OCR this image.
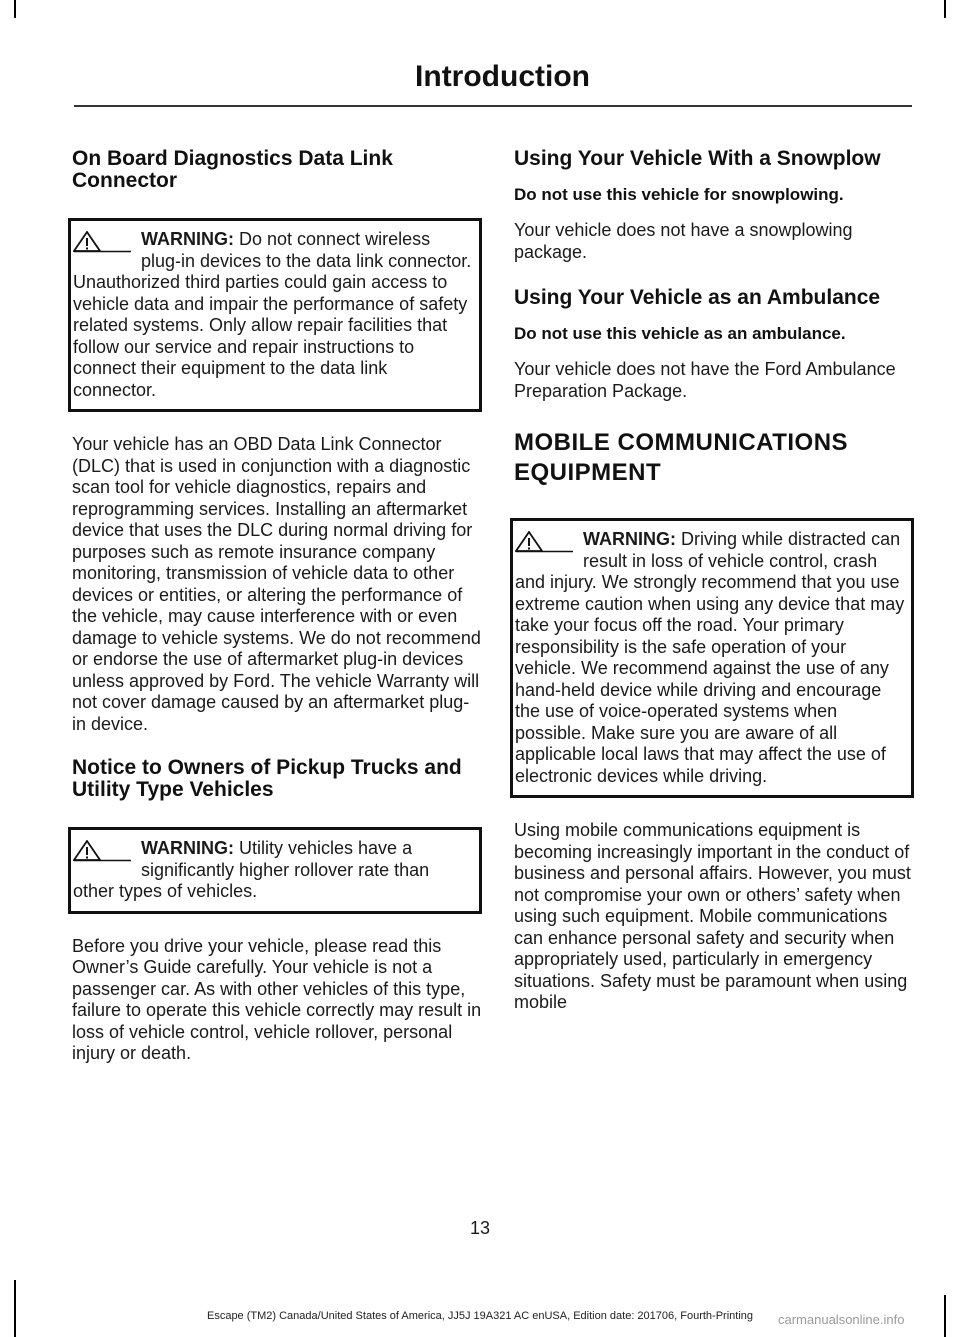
Introduction
On Board Diagnostics Data Link Connector
WARNING: Do not connect wireless plug-in devices to the data link connector. Unauthorized third parties could gain access to vehicle data and impair the performance of safety related systems. Only allow repair facilities that follow our service and repair instructions to connect their equipment to the data link connector.

Your vehicle has an OBD Data Link Connector (DLC) that is used in conjunction with a diagnostic scan tool for vehicle diagnostics, repairs and reprogramming services. Installing an aftermarket device that uses the DLC during normal driving for purposes such as remote insurance company monitoring, transmission of vehicle data to other devices or entities, or altering the performance of the vehicle, may cause interference with or even damage to vehicle systems. We do not recommend or endorse the use of aftermarket plug-in devices unless approved by Ford. The vehicle Warranty will not cover damage caused by an aftermarket plug-in device.

Notice to Owners of Pickup Trucks and Utility Type Vehicles
WARNING: Utility vehicles have a significantly higher rollover rate than other types of vehicles.

Before you drive your vehicle, please read this Owner’s Guide carefully. Your vehicle is not a passenger car. As with other vehicles of this type, failure to operate this vehicle correctly may result in loss of vehicle control, vehicle rollover, personal injury or death.

Using Your Vehicle With a Snowplow
Do not use this vehicle for snowplowing.

Your vehicle does not have a snowplowing package.

Using Your Vehicle as an Ambulance
Do not use this vehicle as an ambulance.

Your vehicle does not have the Ford Ambulance Preparation Package.

MOBILE COMMUNICATIONS
EQUIPMENT
WARNING: Driving while distracted can result in loss of vehicle control, crash and injury. We strongly recommend that you use extreme caution when using any device that may take your focus off the road. Your primary responsibility is the safe operation of your vehicle. We recommend against the use of any hand-held device while driving and encourage the use of voice-operated systems when possible. Make sure you are aware of all applicable local laws that may affect the use of electronic devices while driving.

Using mobile communications equipment is becoming increasingly important in the conduct of business and personal affairs. However, you must not compromise your own or others’ safety when using such equipment. Mobile communications can enhance personal safety and security when appropriately used, particularly in emergency situations. Safety must be paramount when using mobile

13
Escape (TM2) Canada/United States of America, JJ5J 19A321 AC enUSA, Edition date: 201706, Fourth-Printing	carmanualsonline.info
